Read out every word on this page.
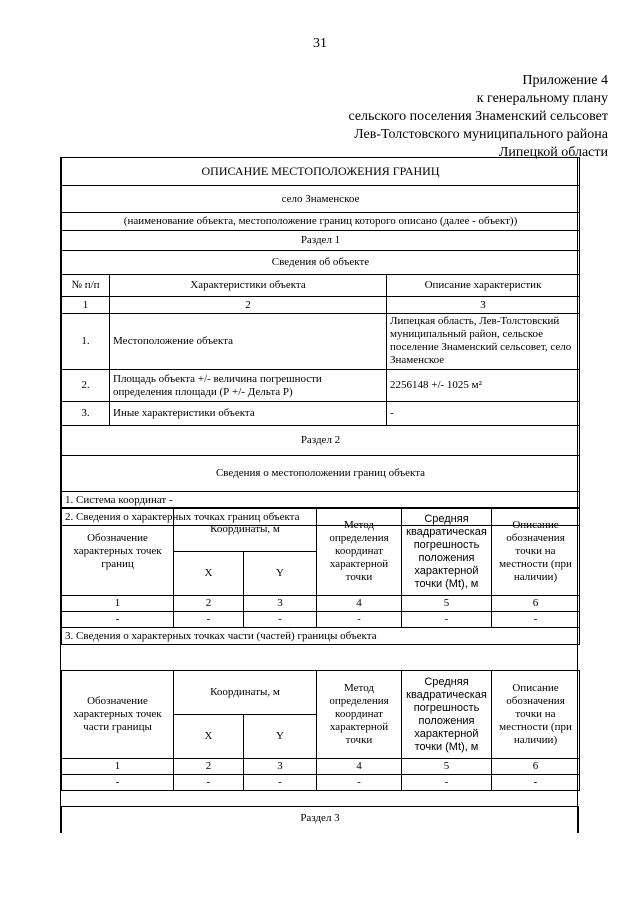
31
Приложение 4
к генеральному плану
сельского поселения Знаменский сельсовет
Лев-Толстовского муниципального района
Липецкой области
ОПИСАНИЕ МЕСТОПОЛОЖЕНИЯ ГРАНИЦ		
село Знаменское		
(наименование объекта, местоположение границ которого описано (далее - объект))		
Раздел 1		
Сведения об объекте		
№ п/п	Характеристики объекта	Описание характеристик
1	2	3
1.	Местоположение объекта	Липецкая область, Лев-Толстовский муниципальный район, сельское поселение Знаменский сельсовет, село Знаменское
2.	Площадь объекта +/- величина погрешности определения площади (Р +/- Дельта Р)	2256148 +/- 1025 м²
3.	Иные характеристики объекта	-
Раздел 2		
Сведения о местоположении границ объекта		
1. Система координат -		
2. Сведения о характерных точках границ объекта		
Обозначение характерных точек границ	Координаты, м		Метод определения координат характерной точки	Средняя квадратическая погрешность положения характерной точки (Mt), м	Описание обозначения точки на местности (при наличии)
	X	Y			
1	2	3	4	5	6
-	-	-	-	-	-
3. Сведения о характерных точках части (частей) границы объекта					
Обозначение характерных точек части границы	Координаты, м		Метод определения координат характерной точки	Средняя квадратическая погрешность положения характерной точки (Mt), м	Описание обозначения точки на местности (при наличии)
	X	Y			
1	2	3	4	5	6
-	-	-	-	-	-
Раздел 3
